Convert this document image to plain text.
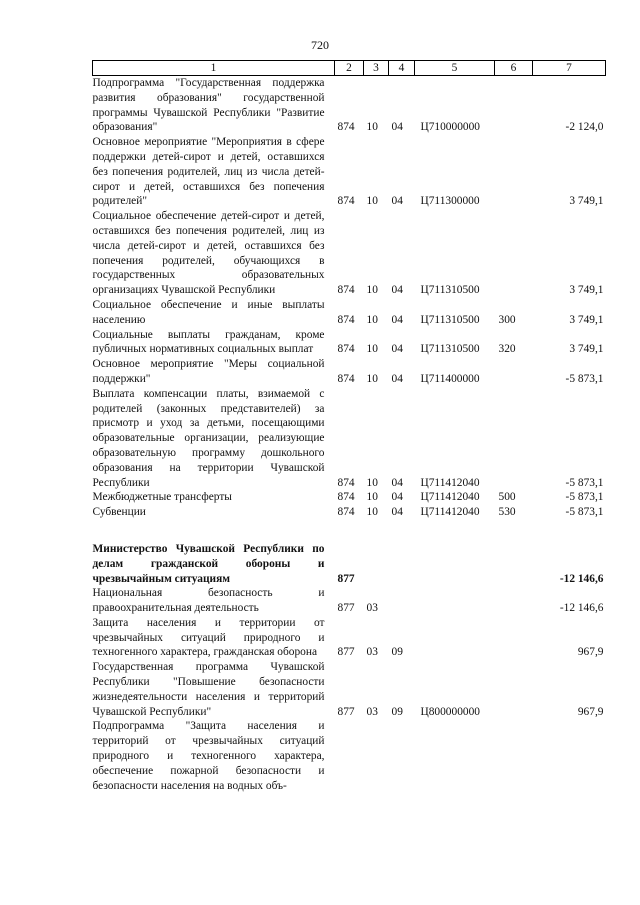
720
1	2	3	4	5	6	7
Подпрограмма "Государственная поддержка развития образования" государственной программы Чувашской Республики "Развитие образования"	874	10	04	Ц710000000		-2 124,0
Основное мероприятие "Мероприятия в сфере поддержки детей-сирот и детей, оставшихся без попечения родителей, лиц из числа детей-сирот и детей, оставшихся без попечения родителей"	874	10	04	Ц711300000		3 749,1
Социальное обеспечение детей-сирот и детей, оставшихся без попечения родителей, лиц из числа детей-сирот и детей, оставшихся без попечения родителей, обучающихся в государственных образовательных организациях Чувашской Республики	874	10	04	Ц711310500		3 749,1
Социальное обеспечение и иные выплаты населению	874	10	04	Ц711310500	300	3 749,1
Социальные выплаты гражданам, кроме публичных нормативных социальных выплат	874	10	04	Ц711310500	320	3 749,1
Основное мероприятие "Меры социальной поддержки"	874	10	04	Ц711400000		-5 873,1
Выплата компенсации платы, взимаемой с родителей (законных представителей) за присмотр и уход за детьми, посещающими образовательные организации, реализующие образовательную программу дошкольного образования на территории Чувашской Республики	874	10	04	Ц711412040		-5 873,1
Межбюджетные трансферты	874	10	04	Ц711412040	500	-5 873,1
Субвенции	874	10	04	Ц711412040	530	-5 873,1

Министерство Чувашской Республики по делам гражданской обороны и чрезвычайным ситуациям	877					-12 146,6
Национальная безопасность и правоохранительная деятельность	877	03				-12 146,6
Защита населения и территории от чрезвычайных ситуаций природного и техногенного характера, гражданская оборона	877	03	09			967,9
Государственная программа Чувашской Республики "Повышение безопасности жизнедеятельности населения и территорий Чувашской Республики"	877	03	09	Ц800000000		967,9
Подпрограмма "Защита населения и территорий от чрезвычайных ситуаций природного и техногенного характера, обеспечение пожарной безопасности и безопасности населения на водных объ-						
